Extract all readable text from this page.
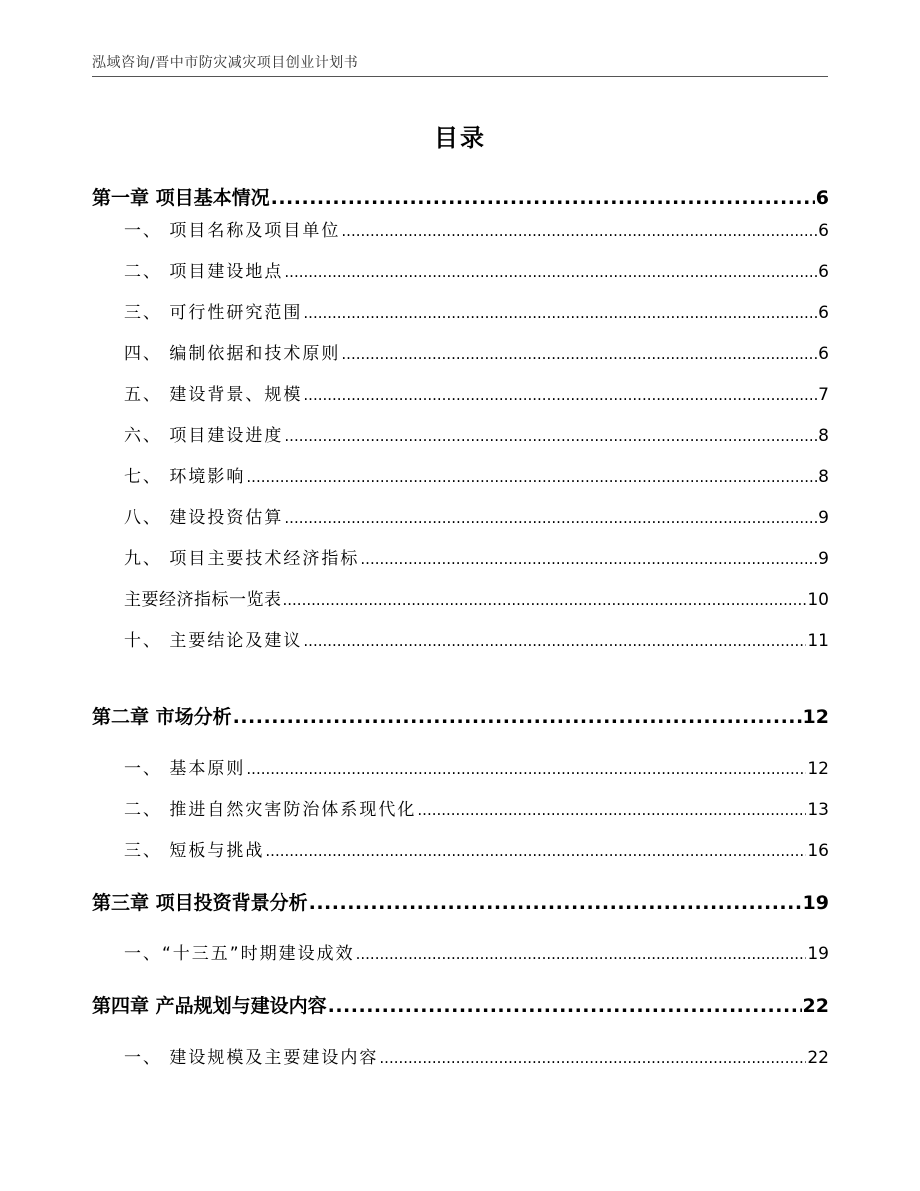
泓域咨询/晋中市防灾减灾项目创业计划书
目录
第一章 项目基本情况 .....	6
一、 项目名称及项目单位 .....	6
二、 项目建设地点 .....	6
三、 可行性研究范围 .....	6
四、 编制依据和技术原则 .....	6
五、 建设背景、规模 .....	7
六、 项目建设进度 .....	8
七、 环境影响 .....	8
八、 建设投资估算 .....	9
九、 项目主要技术经济指标 .....	9
主要经济指标一览表 .....	10
十、 主要结论及建议 .....	11
第二章 市场分析 .....	12
一、 基本原则 .....	12
二、 推进自然灾害防治体系现代化 .....	13
三、 短板与挑战 .....	16
第三章 项目投资背景分析 .....	19
一、“十三五”时期建设成效 .....	19
第四章 产品规划与建设内容 .....	22
一、 建设规模及主要建设内容 .....	22
